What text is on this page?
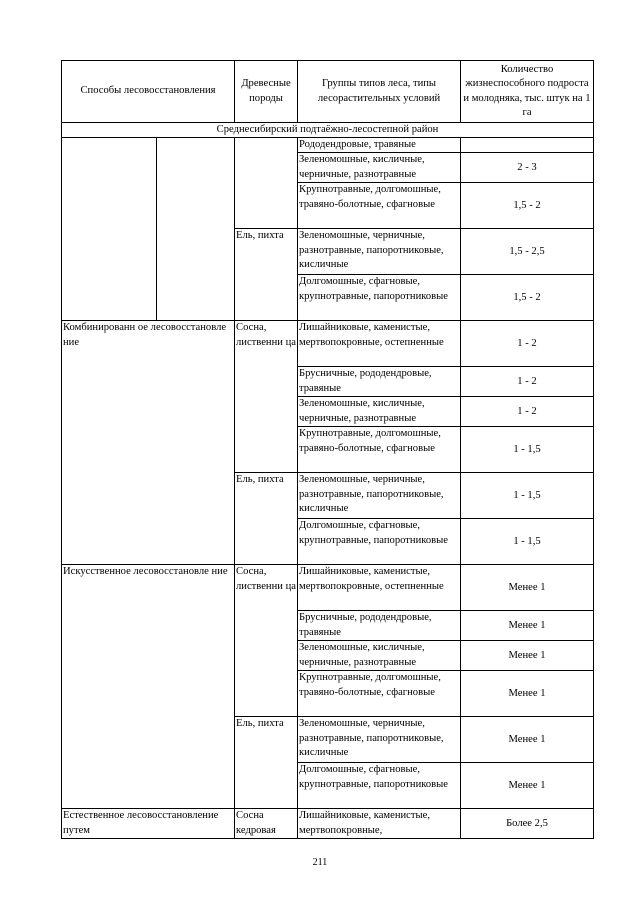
Способы лесовосстановления		Древесные породы	Группы типов леса, типы лесорастительных условий	Количество жизнеспособного подроста и молодняка, тыс. штук на 1 га
Среднесибирский подтаёжно-лесостепной район				
			Рододендровые, травяные	
			Зеленомошные, кисличные, черничные, разнотравные	2 - 3
			Крупнотравные, долгомошные, травяно-болотные, сфагновые	1,5 - 2
		Ель, пихта	Зеленомошные, черничные, разнотравные, папоротниковые, кисличные	1,5 - 2,5
			Долгомошные, сфагновые, крупнотравные, папоротниковые	1,5 - 2
Комбинированн ое лесовосстановле ние		Сосна, лиственни ца	Лишайниковые, каменистые, мертвопокровные, остепненные	1 - 2
			Брусничные, рододендровые, травяные	1 - 2
			Зеленомошные, кисличные, черничные, разнотравные	1 - 2
			Крупнотравные, долгомошные, травяно-болотные, сфагновые	1 - 1,5
		Ель, пихта	Зеленомошные, черничные, разнотравные, папоротниковые, кисличные	1 - 1,5
			Долгомошные, сфагновые, крупнотравные, папоротниковые	1 - 1,5
Искусственное лесовосстановле ние		Сосна, лиственни ца	Лишайниковые, каменистые, мертвопокровные, остепненные	Менее 1
			Брусничные, рододендровые, травяные	Менее 1
			Зеленомошные, кисличные, черничные, разнотравные	Менее 1
			Крупнотравные, долгомошные, травяно-болотные, сфагновые	Менее 1
		Ель, пихта	Зеленомошные, черничные, разнотравные, папоротниковые, кисличные	Менее 1
			Долгомошные, сфагновые, крупнотравные, папоротниковые	Менее 1
Естественное лесовосстановление путем		Сосна кедровая	Лишайниковые, каменистые, мертвопокровные,	Более 2,5
211
